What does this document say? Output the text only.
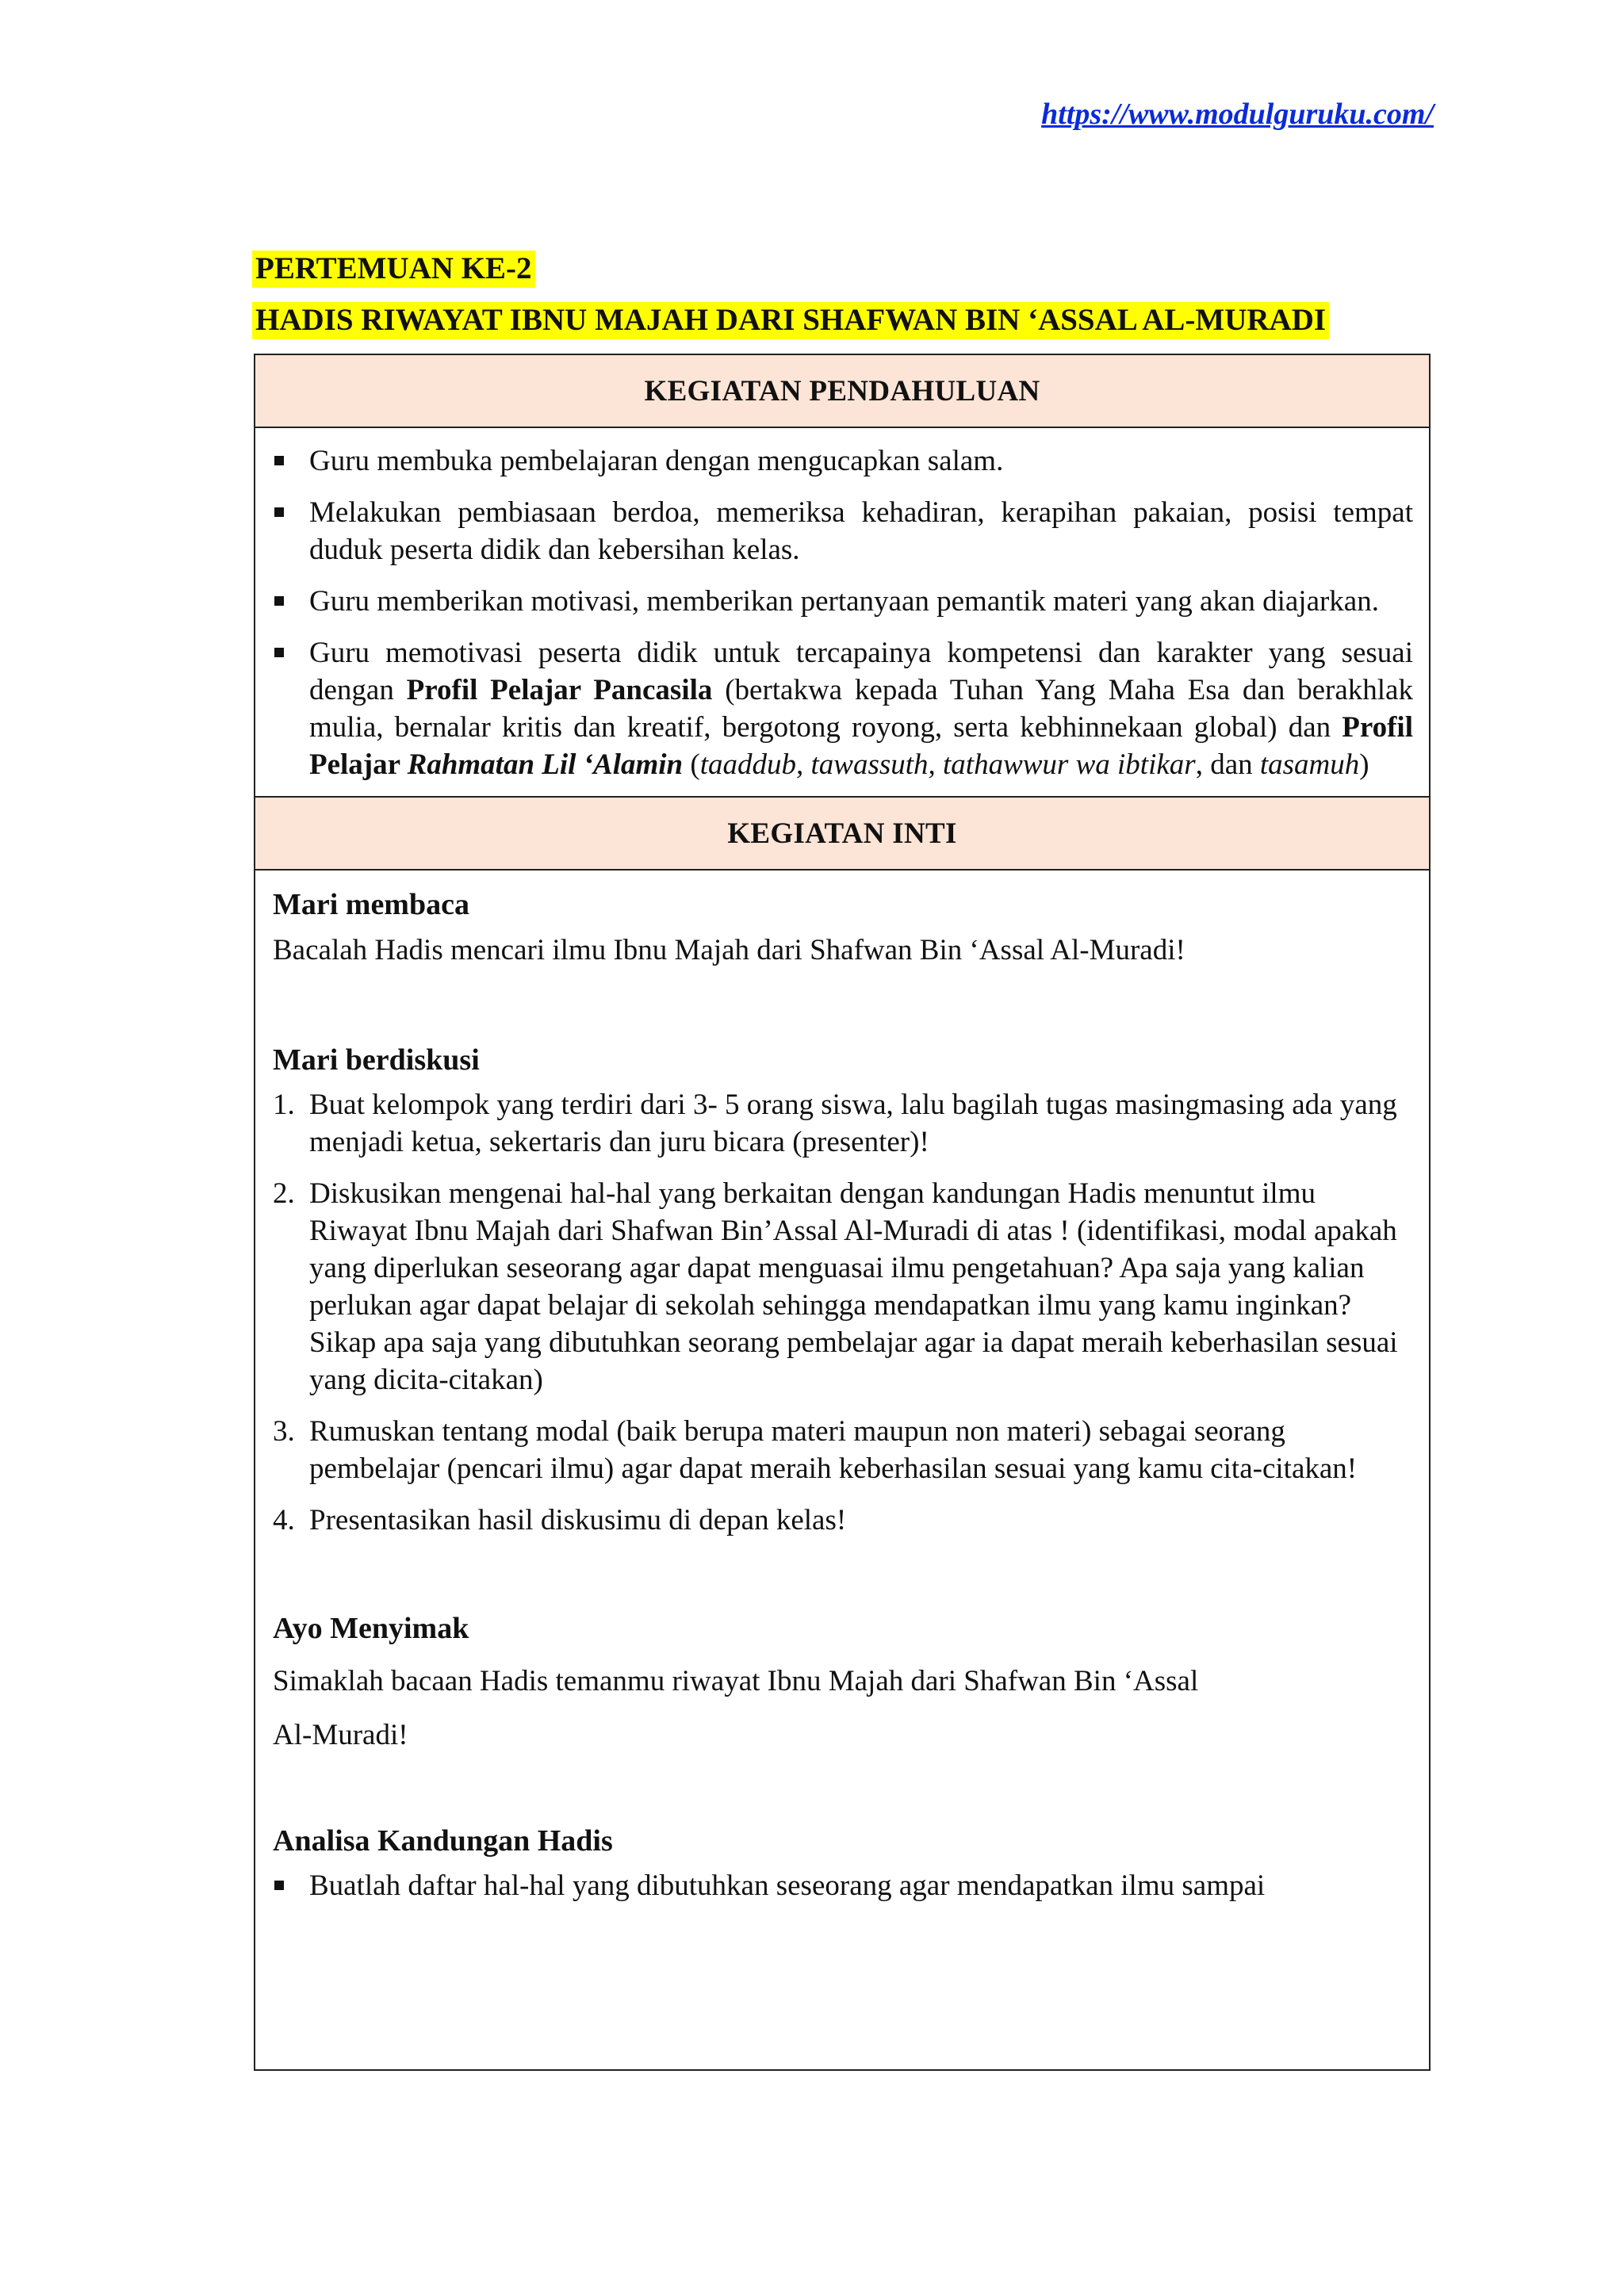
https://www.modulguruku.com/
PERTEMUAN KE-2
HADIS RIWAYAT IBNU MAJAH DARI SHAFWAN BIN ‘ASSAL AL-MURADI
KEGIATAN PENDAHULUAN
Guru membuka pembelajaran dengan mengucapkan salam.
Melakukan pembiasaan berdoa, memeriksa kehadiran, kerapihan pakaian, posisi tempat duduk peserta didik dan kebersihan kelas.
Guru memberikan motivasi, memberikan pertanyaan pemantik materi yang akan diajarkan.
Guru memotivasi peserta didik untuk tercapainya kompetensi dan karakter yang sesuai dengan Profil Pelajar Pancasila (bertakwa kepada Tuhan Yang Maha Esa dan berakhlak mulia, bernalar kritis dan kreatif, bergotong royong, serta kebhinnekaan global) dan Profil Pelajar Rahmatan Lil ‘Alamin (taaddub, tawassuth, tathawwur wa ibtikar, dan tasamuh)
KEGIATAN INTI
Mari membaca

Bacalah Hadis mencari ilmu Ibnu Majah dari Shafwan Bin ‘Assal Al-Muradi!

Mari berdiskusi
1. Buat kelompok yang terdiri dari 3- 5 orang siswa, lalu bagilah tugas masingmasing ada yang menjadi ketua, sekertaris dan juru bicara (presenter)!
2. Diskusikan mengenai hal-hal yang berkaitan dengan kandungan Hadis menuntut ilmu Riwayat Ibnu Majah dari Shafwan Bin’Assal Al-Muradi di atas ! (identifikasi, modal apakah yang diperlukan seseorang agar dapat menguasai ilmu pengetahuan? Apa saja yang kalian perlukan agar dapat belajar di sekolah sehingga mendapatkan ilmu yang kamu inginkan? Sikap apa saja yang dibutuhkan seorang pembelajar agar ia dapat meraih keberhasilan sesuai yang dicita-citakan)
3. Rumuskan tentang modal (baik berupa materi maupun non materi) sebagai seorang pembelajar (pencari ilmu) agar dapat meraih keberhasilan sesuai yang kamu cita-citakan!
4. Presentasikan hasil diskusimu di depan kelas!
Ayo Menyimak

Simaklah bacaan Hadis temanmu riwayat Ibnu Majah dari Shafwan Bin ‘Assal

Al-Muradi!

Analisa Kandungan Hadis
Buatlah daftar hal-hal yang dibutuhkan seseorang agar mendapatkan ilmu sampai
